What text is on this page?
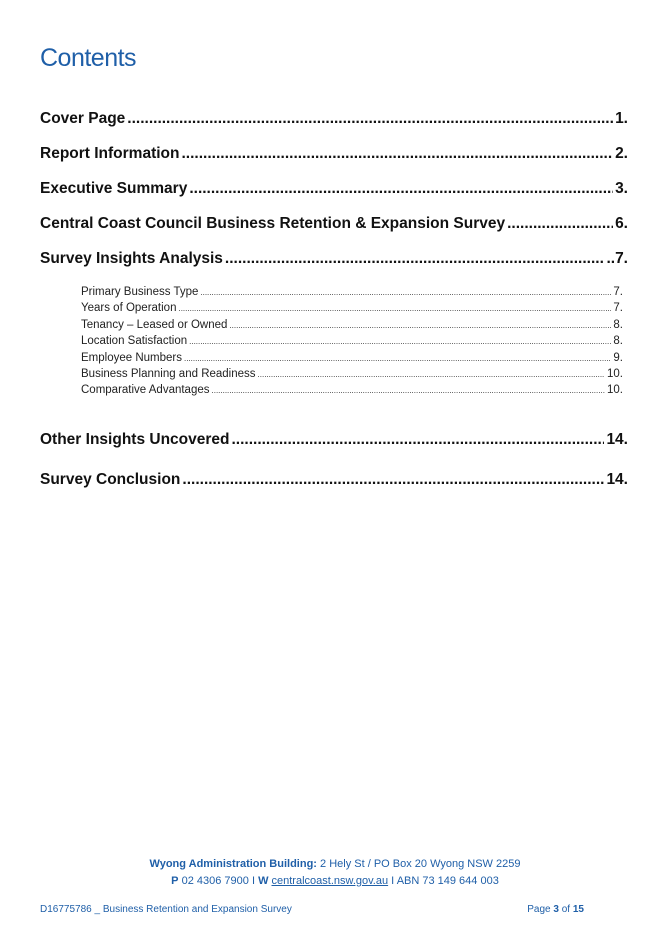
Contents
Cover Page .....	1.
Report Information .....	2.
Executive Summary .....	3.
Central Coast Council Business Retention & Expansion Survey .....	6.
Survey Insights Analysis .....	..7.
Primary Business Type .....	7.
Years of Operation .....	7.
Tenancy – Leased or Owned .....	8.
Location Satisfaction .....	8.
Employee Numbers .....	9.
Business Planning and Readiness .....	10.
Comparative Advantages .....	10.
Other Insights Uncovered .....	14.
Survey Conclusion .....	14.
Wyong Administration Building: 2 Hely St / PO Box 20 Wyong NSW 2259
P 02 4306 7900 I W centralcoast.nsw.gov.au I ABN 73 149 644 003
D16775786 _ Business Retention and Expansion Survey	Page 3 of 15
